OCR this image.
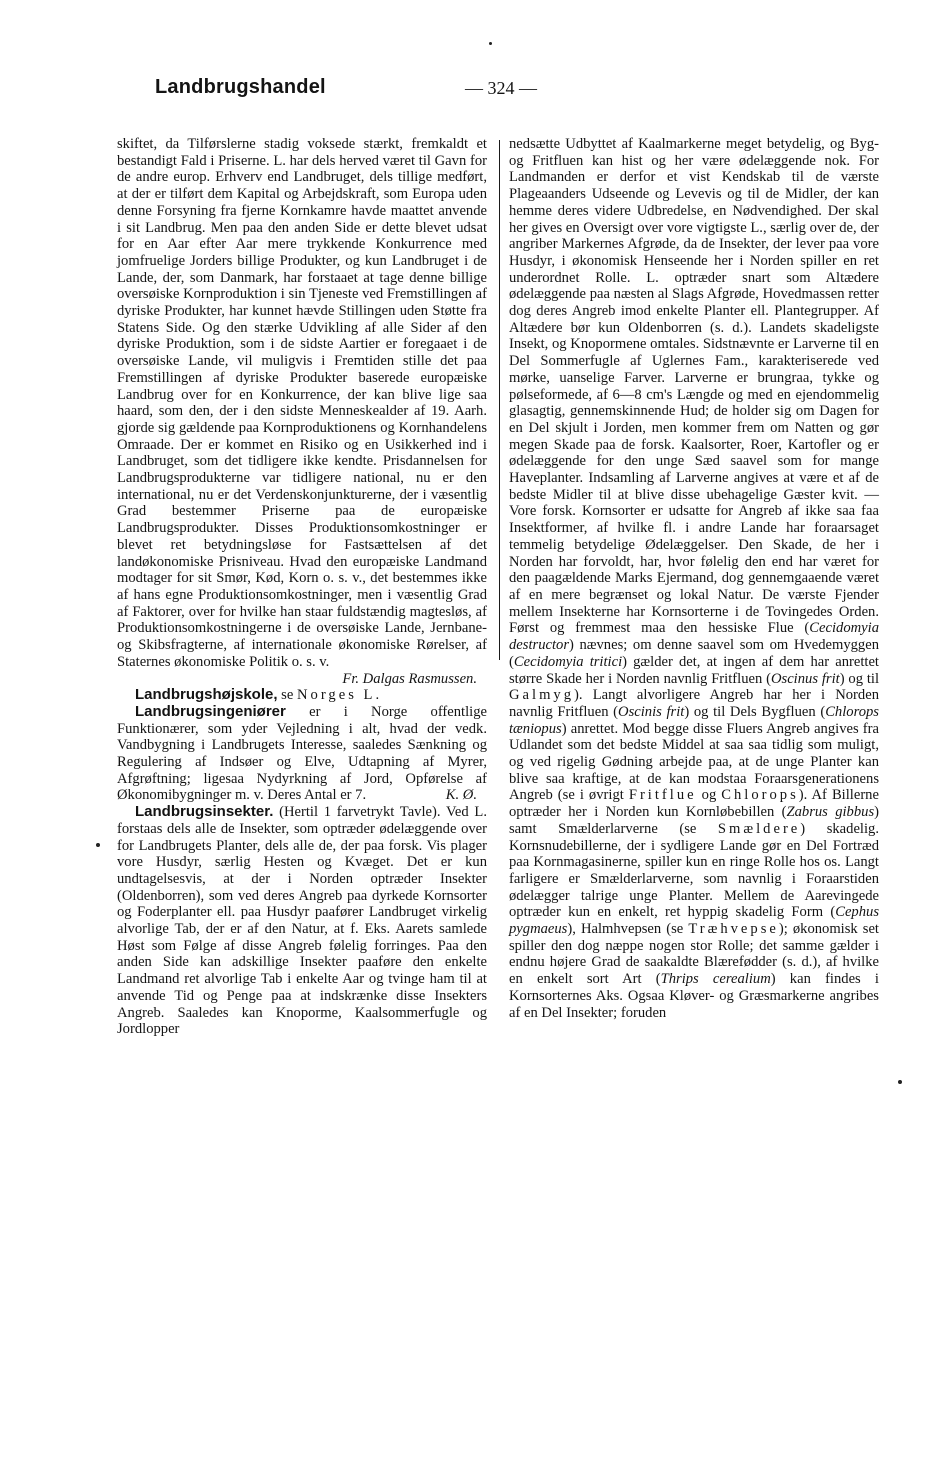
Landbrugshandel	— 324 —

skiftet, da Tilførslerne stadig voksede stærkt, fremkaldt et bestandigt Fald i Priserne. L. har dels herved været til Gavn for de andre europ. Erhverv end Landbruget, dels tillige medført, at der er tilført dem Kapital og Arbejdskraft, som Europa uden denne Forsyning fra fjerne Kornkamre havde maattet anvende i sit Landbrug. Men paa den anden Side er dette blevet udsat for en Aar efter Aar mere trykkende Konkurrence med jomfruelige Jorders billige Produkter, og kun Landbruget i de Lande, der, som Danmark, har forstaaet at tage denne billige oversøiske Kornproduktion i sin Tjeneste ved Fremstillingen af dyriske Produkter, har kunnet hævde Stillingen uden Støtte fra Statens Side. Og den stærke Udvikling af alle Sider af den dyriske Produktion, som i de sidste Aartier er foregaaet i de oversøiske Lande, vil muligvis i Fremtiden stille det paa Fremstillingen af dyriske Produkter baserede europæiske Landbrug over for en Konkurrence, der kan blive lige saa haard, som den, der i den sidste Menneskealder af 19. Aarh. gjorde sig gældende paa Kornproduktionens og Kornhandelens Omraade. Der er kommet en Risiko og en Usikkerhed ind i Landbruget, som det tidligere ikke kendte. Prisdannelsen for Landbrugsprodukterne var tidligere national, nu er den international, nu er det Verdenskonjunkturerne, der i væsentlig Grad bestemmer Priserne paa de europæiske Landbrugsprodukter. Disses Produktionsomkostninger er blevet ret betydningsløse for Fastsættelsen af det landøkonomiske Prisniveau. Hvad den europæiske Landmand modtager for sit Smør, Kød, Korn o. s. v., det bestemmes ikke af hans egne Produktionsomkostninger, men i væsentlig Grad af Faktorer, over for hvilke han staar fuldstændig magtesløs, af Produktionsomkostningerne i de oversøiske Lande, Jernbane- og Skibsfragterne, af internationale økonomiske Rørelser, af Staternes økonomiske Politik o. s. v.

Fr. Dalgas Rasmussen.

Landbrugshøjskole, se Norges L.

Landbrugsingeniører er i Norge offentlige Funktionærer, som yder Vejledning i alt, hvad der vedk. Vandbygning i Landbrugets Interesse, saaledes Sænkning og Regulering af Indsøer og Elve, Udtapning af Myrer, Afgrøftning; ligesaa Nydyrkning af Jord, Opførelse af Økonomibygninger m. v. Deres Antal er 7.	K. Ø.

Landbrugsinsekter. (Hertil 1 farvetrykt Tavle). Ved L. forstaas dels alle de Insekter, som optræder ødelæggende over for Landbrugets Planter, dels alle de, der paa forsk. Vis plager vore Husdyr, særlig Hesten og Kvæget. Det er kun undtagelsesvis, at der i Norden optræder Insekter (Oldenborren), som ved deres Angreb paa dyrkede Kornsorter og Foderplanter ell. paa Husdyr paafører Landbruget virkelig alvorlige Tab, der er af den Natur, at f. Eks. Aarets samlede Høst som Følge af disse Angreb følelig forringes. Paa den anden Side kan adskillige Insekter paaføre den enkelte Landmand ret alvorlige Tab i enkelte Aar og tvinge ham til at anvende Tid og Penge paa at indskrænke disse Insekters Angreb. Saaledes kan Knoporme, Kaalsommerfugle og Jordlopper

nedsætte Udbyttet af Kaalmarkerne meget betydelig, og Byg- og Fritfluen kan hist og her være ødelæggende nok. For Landmanden er derfor et vist Kendskab til de værste Plageaanders Udseende og Levevis og til de Midler, der kan hemme deres videre Udbredelse, en Nødvendighed. Der skal her gives en Oversigt over vore vigtigste L., særlig over de, der angriber Markernes Afgrøde, da de Insekter, der lever paa vore Husdyr, i økonomisk Henseende her i Norden spiller en ret underordnet Rolle. L. optræder snart som Altædere ødelæggende paa næsten al Slags Afgrøde, Hovedmassen retter dog deres Angreb imod enkelte Planter ell. Plantegrupper. Af Altædere bør kun Oldenborren (s. d.). Landets skadeligste Insekt, og Knopormene omtales. Sidstnævnte er Larverne til en Del Sommerfugle af Uglernes Fam., karakteriserede ved mørke, uanselige Farver. Larverne er brungraa, tykke og pølseformede, af 6—8 cm's Længde og med en ejendommelig glasagtig, gennemskinnende Hud; de holder sig om Dagen for en Del skjult i Jorden, men kommer frem om Natten og gør megen Skade paa de forsk. Kaalsorter, Roer, Kartofler og er ødelæggende for den unge Sæd saavel som for mange Haveplanter. Indsamling af Larverne angives at være et af de bedste Midler til at blive disse ubehagelige Gæster kvit. — Vore forsk. Kornsorter er udsatte for Angreb af ikke saa faa Insektformer, af hvilke fl. i andre Lande har foraarsaget temmelig betydelige Ødelæggelser. Den Skade, de her i Norden har forvoldt, har, hvor følelig den end har været for den paagældende Marks Ejermand, dog gennemgaaende været af en mere begrænset og lokal Natur. De værste Fjender mellem Insekterne har Kornsorterne i de Tovingedes Orden. Først og fremmest maa den hessiske Flue (Cecidomyia destructor) nævnes; om denne saavel som om Hvedemyggen (Cecidomyia tritici) gælder det, at ingen af dem har anrettet større Skade her i Norden navnlig Fritfluen (Oscinus frit) og til Galmyg). Langt alvorligere Angreb har her i Norden navnlig Fritfluen (Oscinis frit) og til Dels Bygfluen (Chlorops tæniopus) anrettet. Mod begge disse Fluers Angreb angives fra Udlandet som det bedste Middel at saa saa tidlig som muligt, og ved rigelig Gødning arbejde paa, at de unge Planter kan blive saa kraftige, at de kan modstaa Foraarsgenerationens Angreb (se i øvrigt Fritflue og Chlorops). Af Billerne optræder her i Norden kun Kornløbebillen (Zabrus gibbus) samt Smælderlarverne (se Smældere) skadelig. Kornsnudebillerne, der i sydligere Lande gør en Del Fortræd paa Kornmagasinerne, spiller kun en ringe Rolle hos os. Langt farligere er Smælderlarverne, som navnlig i Foraarstiden ødelægger talrige unge Planter. Mellem de Aarevingede optræder kun en enkelt, ret hyppig skadelig Form (Cephus pygmaeus), Halmhvepsen (se Træhvepse); økonomisk set spiller den dog næppe nogen stor Rolle; det samme gælder i endnu højere Grad de saakaldte Blærefødder (s. d.), af hvilke en enkelt sort Art (Thrips cerealium) kan findes i Kornsorternes Aks. Ogsaa Kløver- og Græsmarkerne angribes af en Del Insekter; foruden
